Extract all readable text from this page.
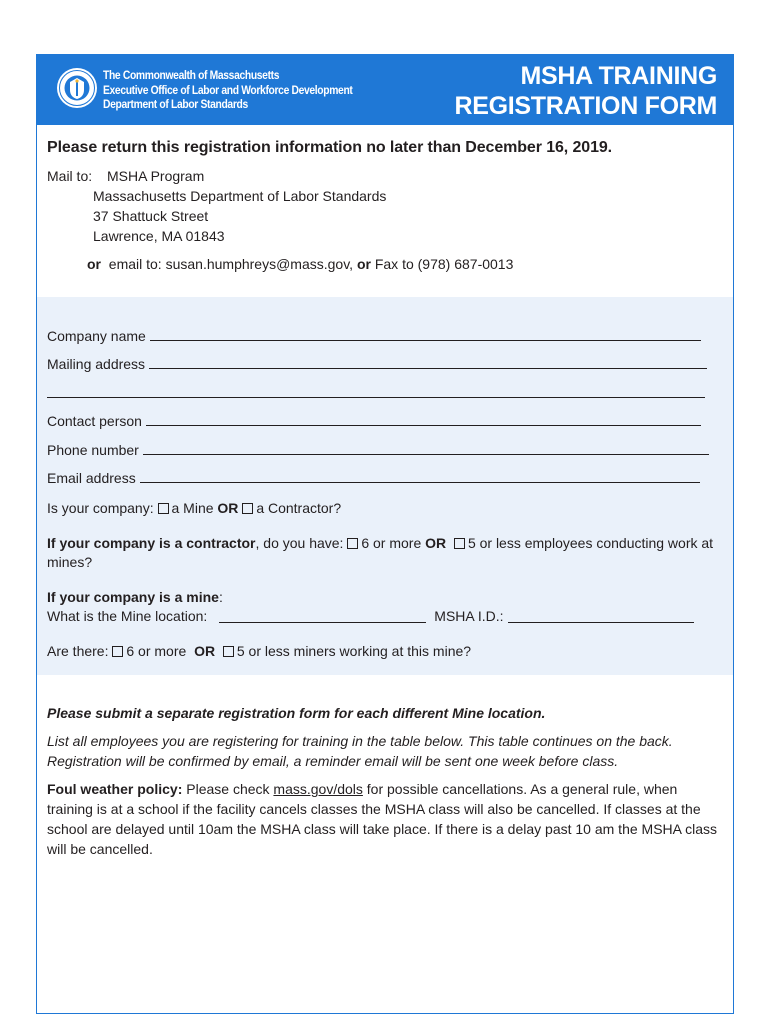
The Commonwealth of Massachusetts
Executive Office of Labor and Workforce Development
Department of Labor Standards
MSHA TRAINING
REGISTRATION FORM
Please return this registration information no later than December 16, 2019.
Mail to:	MSHA Program
Massachusetts Department of Labor Standards
37 Shattuck Street
Lawrence, MA 01843
or email to: susan.humphreys@mass.gov, or Fax to (978) 687-0013
Company name
Mailing address
Contact person
Phone number
Email address
Is your company: a Mine OR a Contractor?
If your company is a contractor, do you have: 6 or more OR 5 or less employees conducting work at mines?
If your company is a mine:
What is the Mine location:	MSHA I.D.:
Are there: 6 or more OR 5 or less miners working at this mine?
Please submit a separate registration form for each different Mine location.
List all employees you are registering for training in the table below. This table continues on the back. Registration will be confirmed by email, a reminder email will be sent one week before class.
Foul weather policy: Please check mass.gov/dols for possible cancellations. As a general rule, when training is at a school if the facility cancels classes the MSHA class will also be cancelled. If classes at the school are delayed until 10am the MSHA class will take place. If there is a delay past 10 am the MSHA class will be cancelled.
